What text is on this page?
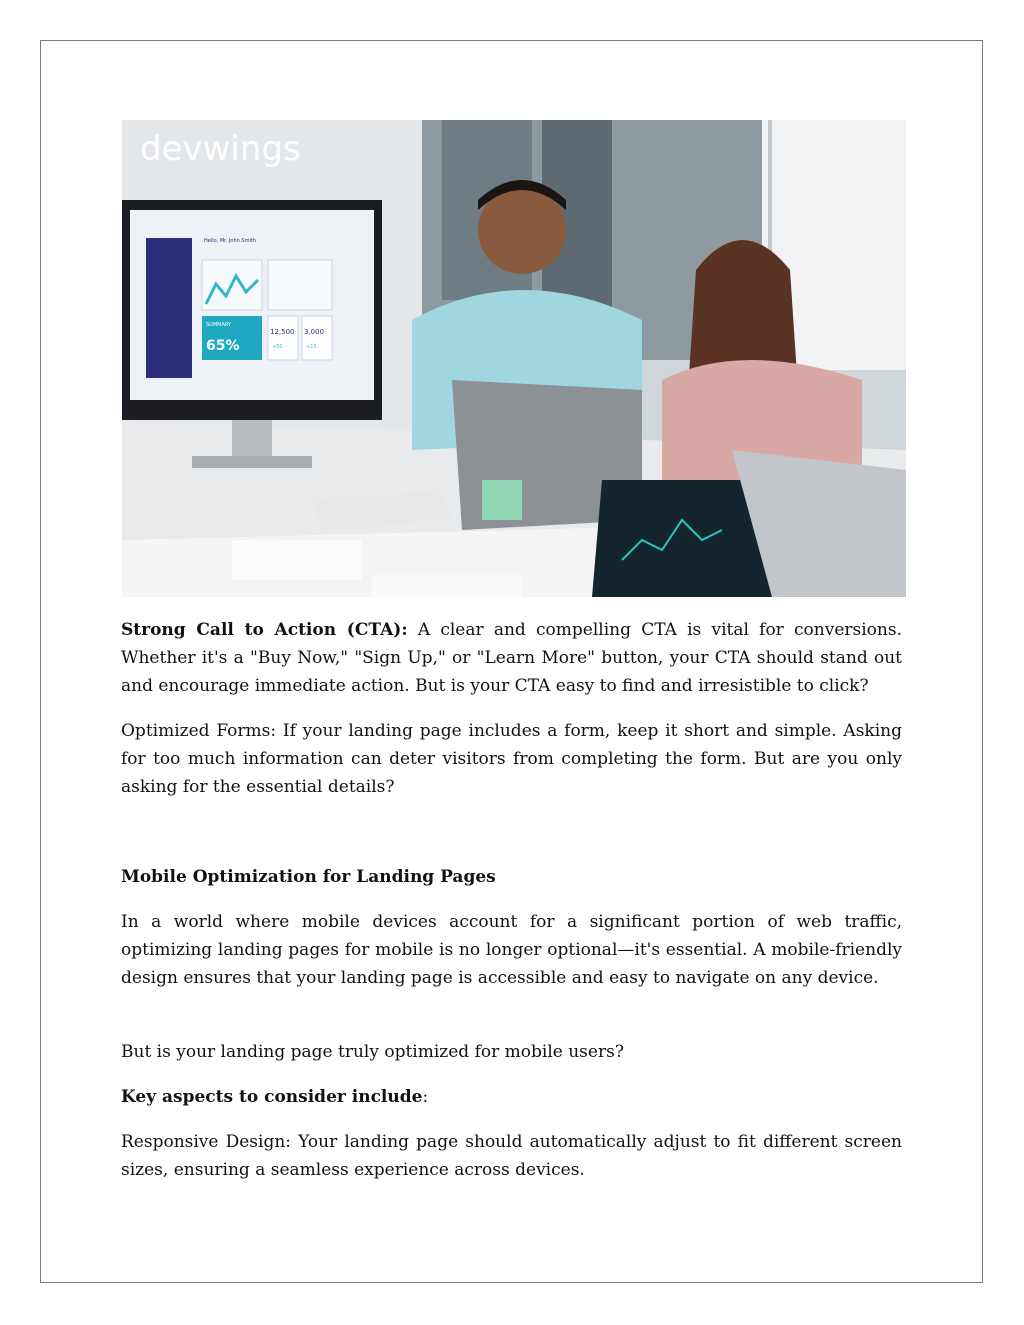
devwings
65%
SUMMARY
12,500
+50
3,000
+15
Hello, Mr. John Smith

Strong Call to Action (CTA): A clear and compelling CTA is vital for conversions. Whether it's a "Buy Now," "Sign Up," or "Learn More" button, your CTA should stand out and encourage immediate action. But is your CTA easy to find and irresistible to click?

Optimized Forms: If your landing page includes a form, keep it short and simple. Asking for too much information can deter visitors from completing the form. But are you only asking for the essential details?

Mobile Optimization for Landing Pages

In a world where mobile devices account for a significant portion of web traffic, optimizing landing pages for mobile is no longer optional—it's essential. A mobile-friendly design ensures that your landing page is accessible and easy to navigate on any device.

But is your landing page truly optimized for mobile users?

Key aspects to consider include:

Responsive Design: Your landing page should automatically adjust to fit different screen sizes, ensuring a seamless experience across devices.
